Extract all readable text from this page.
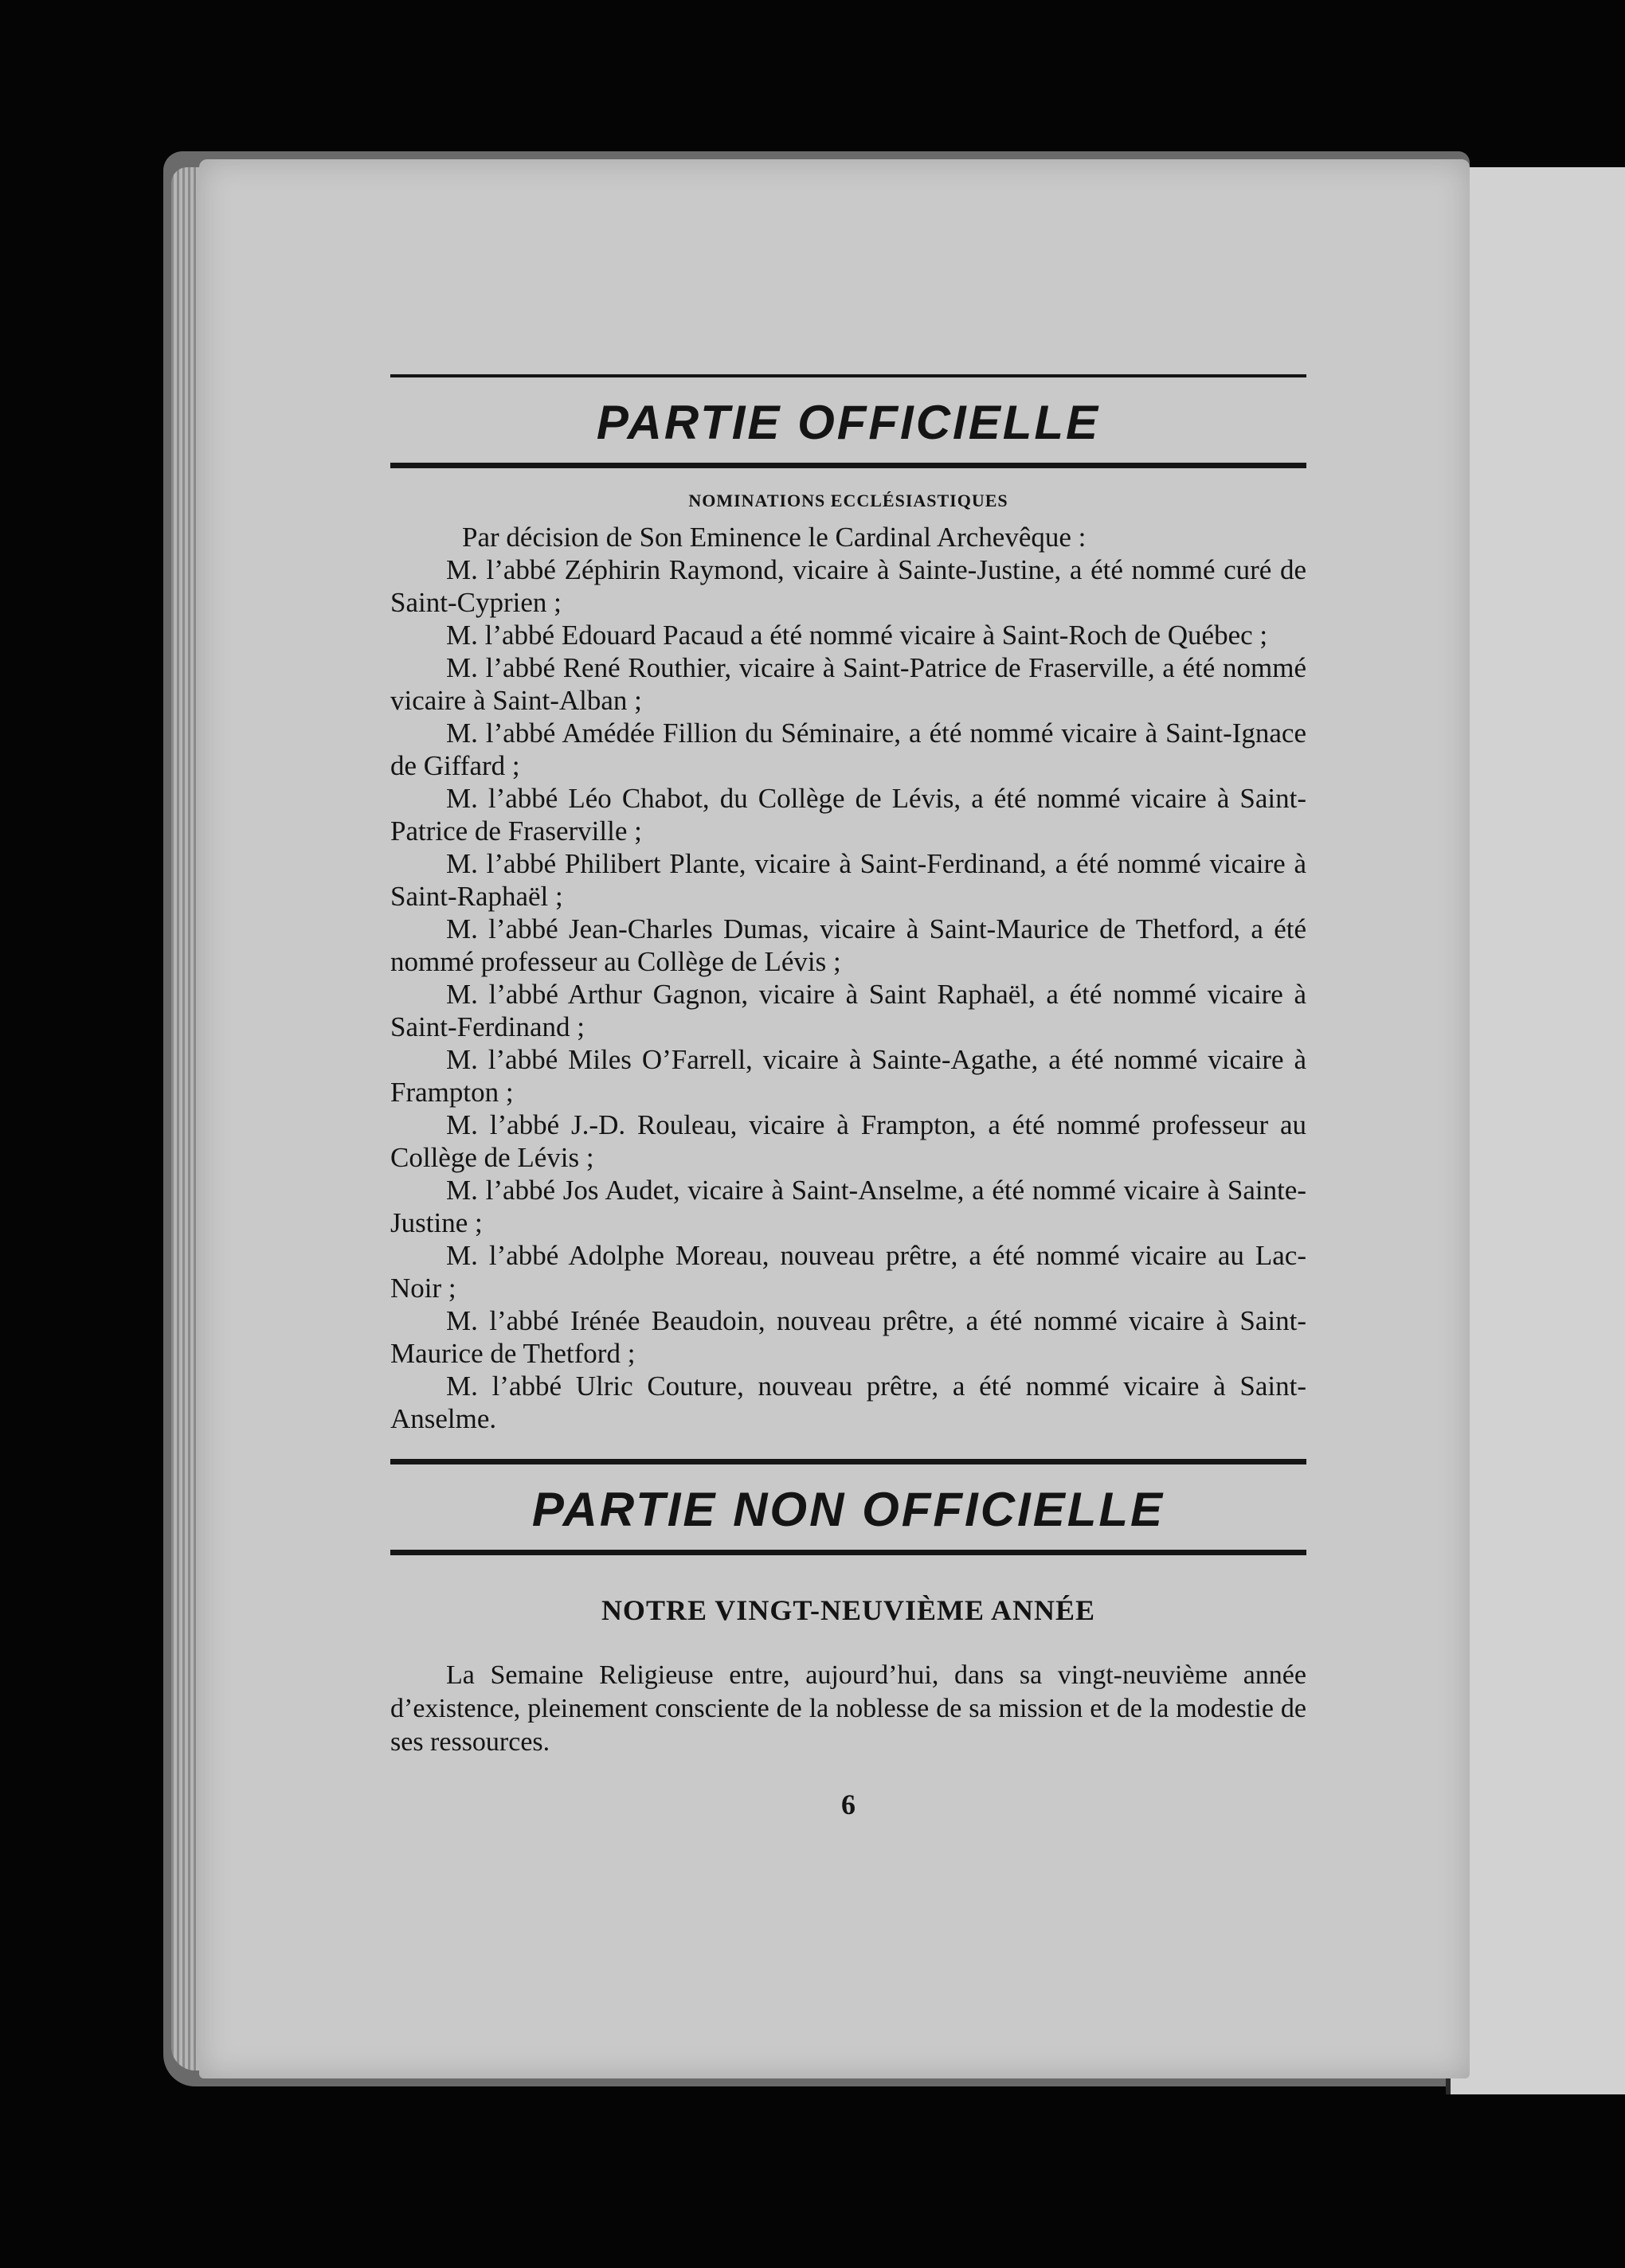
PARTIE OFFICIELLE
NOMINATIONS ECCLÉSIASTIQUES

Par décision de Son Eminence le Cardinal Archevêque :

M. l’abbé Zéphirin Raymond, vicaire à Sainte-Justine, a été nommé curé de Saint-Cyprien ;

M. l’abbé Edouard Pacaud a été nommé vicaire à Saint-Roch de Québec ;

M. l’abbé René Routhier, vicaire à Saint-Patrice de Fraserville, a été nommé vicaire à Saint-Alban ;

M. l’abbé Amédée Fillion du Séminaire, a été nommé vicaire à Saint-Ignace de Giffard ;

M. l’abbé Léo Chabot, du Collège de Lévis, a été nommé vicaire à Saint-Patrice de Fraserville ;

M. l’abbé Philibert Plante, vicaire à Saint-Ferdinand, a été nommé vicaire à Saint-Raphaël ;

M. l’abbé Jean-Charles Dumas, vicaire à Saint-Maurice de Thetford, a été nommé professeur au Collège de Lévis ;

M. l’abbé Arthur Gagnon, vicaire à Saint Raphaël, a été nommé vicaire à Saint-Ferdinand ;

M. l’abbé Miles O’Farrell, vicaire à Sainte-Agathe, a été nommé vicaire à Frampton ;

M. l’abbé J.-D. Rouleau, vicaire à Frampton, a été nommé professeur au Collège de Lévis ;

M. l’abbé Jos Audet, vicaire à Saint-Anselme, a été nommé vicaire à Sainte-Justine ;

M. l’abbé Adolphe Moreau, nouveau prêtre, a été nommé vicaire au Lac-Noir ;

M. l’abbé Irénée Beaudoin, nouveau prêtre, a été nommé vicaire à Saint-Maurice de Thetford ;

M. l’abbé Ulric Couture, nouveau prêtre, a été nommé vicaire à Saint-Anselme.

PARTIE NON OFFICIELLE
NOTRE VINGT-NEUVIÈME ANNÉE

La Semaine Religieuse entre, aujourd’hui, dans sa vingt-neuvième année d’existence, pleinement consciente de la noblesse de sa mission et de la modestie de ses ressources.

6
